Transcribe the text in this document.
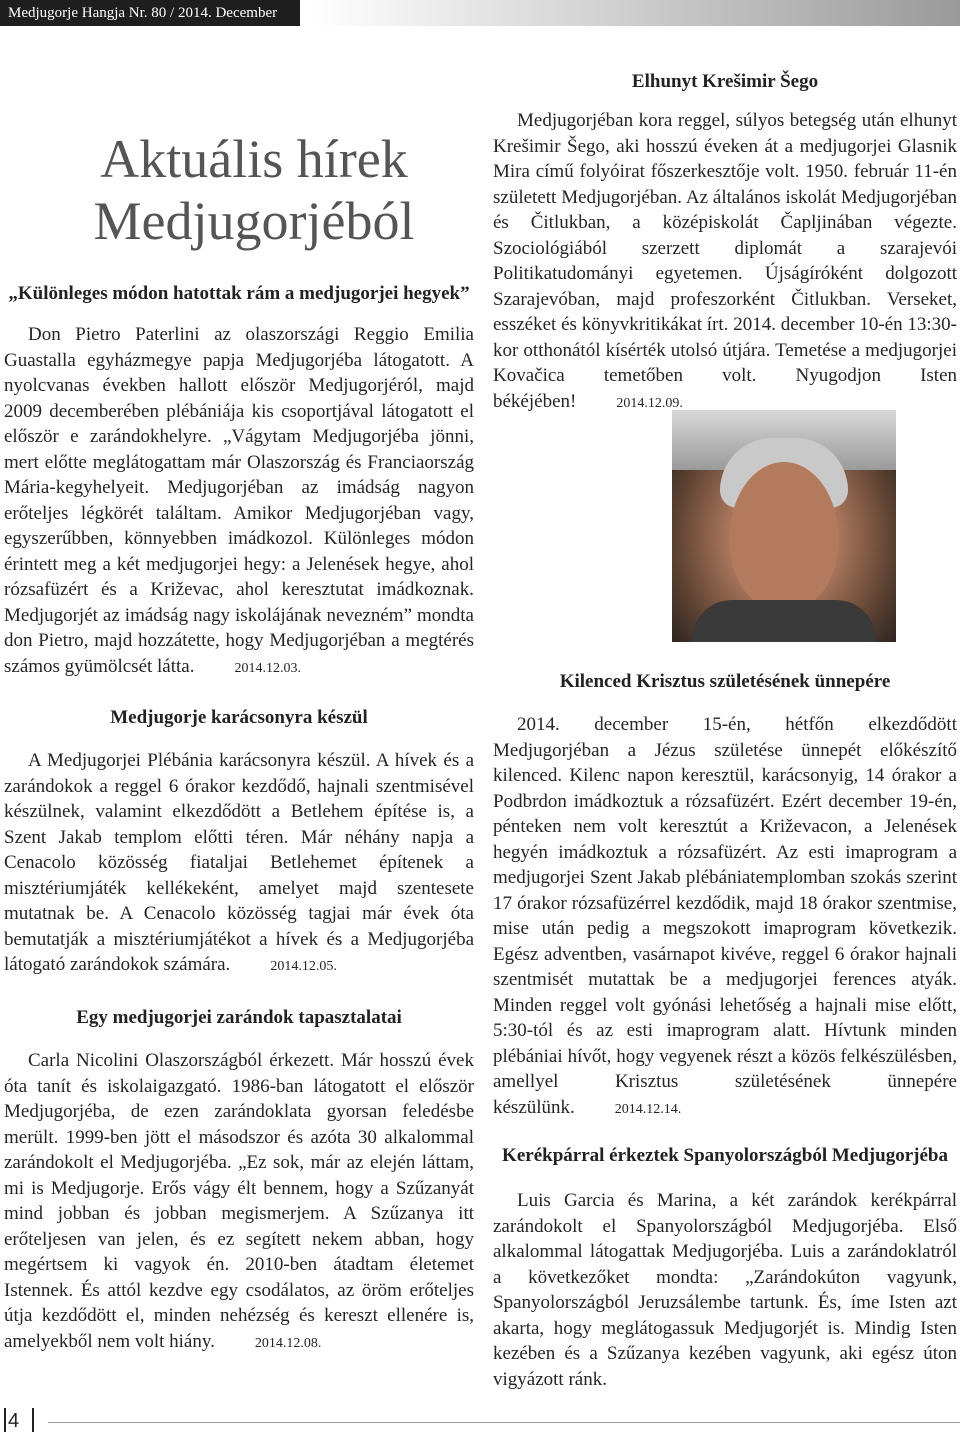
Medjugorje Hangja Nr. 80 / 2014. December
Aktuális hírek
Medjugorjéból
„Különleges módon hatottak rám a medjugorjei hegyek”

Don Pietro Paterlini az olaszországi Reggio Emilia Guastalla egyházmegye papja Medjugorjéba látogatott. A nyolcvanas években hallott először Medjugorjéról, majd 2009 decemberében plébániája kis csoportjával látogatott el először e zarándokhelyre. „Vágytam Medjugorjéba jönni, mert előtte meglátogattam már Olaszország és Franciaország Mária-kegyhelyeit. Medjugorjéban az imádság nagyon erőteljes légkörét találtam. Amikor Medjugorjéban vagy, egyszerűbben, könnyebben imádkozol. Különleges módon érintett meg a két medjugorjei hegy: a Jelenések hegye, ahol rózsafüzért és a Križevac, ahol keresztutat imádkoznak. Medjugorjét az imádság nagy iskolájának nevezném” mondta don Pietro, majd hozzátette, hogy Medjugorjéban a megtérés számos gyümölcsét látta.	2014.12.03.

Medjugorje karácsonyra készül

A Medjugorjei Plébánia karácsonyra készül. A hívek és a zarándokok a reggel 6 órakor kezdődő, hajnali szentmisével készülnek, valamint elkezdődött a Betlehem építése is, a Szent Jakab templom előtti téren. Már néhány napja a Cenacolo közösség fiataljai Betlehemet építenek a misztériumjáték kellékeként, amelyet majd szentesete mutatnak be. A Cenacolo közösség tagjai már évek óta bemutatják a misztériumjátékot a hívek és a Medjugorjéba látogató zarándokok számára.	2014.12.05.

Egy medjugorjei zarándok tapasztalatai

Carla Nicolini Olaszországból érkezett. Már hosszú évek óta tanít és iskolaigazgató. 1986-ban látogatott el először Medjugorjéba, de ezen zarándoklata gyorsan feledésbe merült. 1999-ben jött el másodszor és azóta 30 alkalommal zarándokolt el Medjugorjéba. „Ez sok, már az elején láttam, mi is Medjugorje. Erős vágy élt bennem, hogy a Szűzanyát mind jobban és jobban megismerjem. A Szűzanya itt erőteljesen van jelen, és ez segített nekem abban, hogy megértsem ki vagyok én. 2010-ben átadtam életemet Istennek. És attól kezdve egy csodálatos, az öröm erőteljes útja kezdődött el, minden nehézség és kereszt ellenére is, amelyekből nem volt hiány.	2014.12.08.

Elhunyt Krešimir Šego

Medjugorjéban kora reggel, súlyos betegség után elhunyt Krešimir Šego, aki hosszú éveken át a medjugorjei Glasnik Mira című folyóirat főszerkesztője volt. 1950. február 11-én született Medjugorjéban. Az általános iskolát Medjugorjéban és Čitlukban, a középiskolát Čapljinában végezte. Szociológiából szerzett diplomát a szarajevói Politikatudományi egyetemen. Újságíróként dolgozott Szarajevóban, majd profeszorként Čitlukban. Verseket, esszéket és könyvkritikákat írt. 2014. december 10-én 13:30-kor otthonától kísérték utolsó útjára. Temetése a medjugorjei Kovačica temetőben volt. Nyugodjon Isten békéjében!	2014.12.09.

Kilenced Krisztus születésének ünnepére

2014. december 15-én, hétfőn elkezdődött Medjugorjéban a Jézus születése ünnepét előkészítő kilenced. Kilenc napon keresztül, karácsonyig, 14 órakor a Podbrdon imádkoztuk a rózsafüzért. Ezért december 19-én, pénteken nem volt keresztút a Križevacon, a Jelenések hegyén imádkoztuk a rózsafüzért. Az esti imaprogram a medjugorjei Szent Jakab plébániatemplomban szokás szerint 17 órakor rózsafüzérrel kezdődik, majd 18 órakor szentmise, mise után pedig a megszokott imaprogram következik. Egész adventben, vasárnapot kivéve, reggel 6 órakor hajnali szentmisét mutattak be a medjugorjei ferences atyák. Minden reggel volt gyónási lehetőség a hajnali mise előtt, 5:30-tól és az esti imaprogram alatt. Hívtunk minden plébániai hívőt, hogy vegyenek részt a közös felkészülésben, amellyel Krisztus születésének ünnepére készülünk.	2014.12.14.

Kerékpárral érkeztek Spanyolországból Medjugorjéba

Luis Garcia és Marina, a két zarándok kerékpárral zarándokolt el Spanyolországból Medjugorjéba. Első alkalommal látogattak Medjugorjéba. Luis a zarándoklatról a következőket mondta: „Zarándokúton vagyunk, Spanyolországból Jeruzsálembe tartunk. És, íme Isten azt akarta, hogy meglátogassuk Medjugorjét is. Mindig Isten kezében és a Szűzanya kezében vagyunk, aki egész úton vigyázott ránk.

4
